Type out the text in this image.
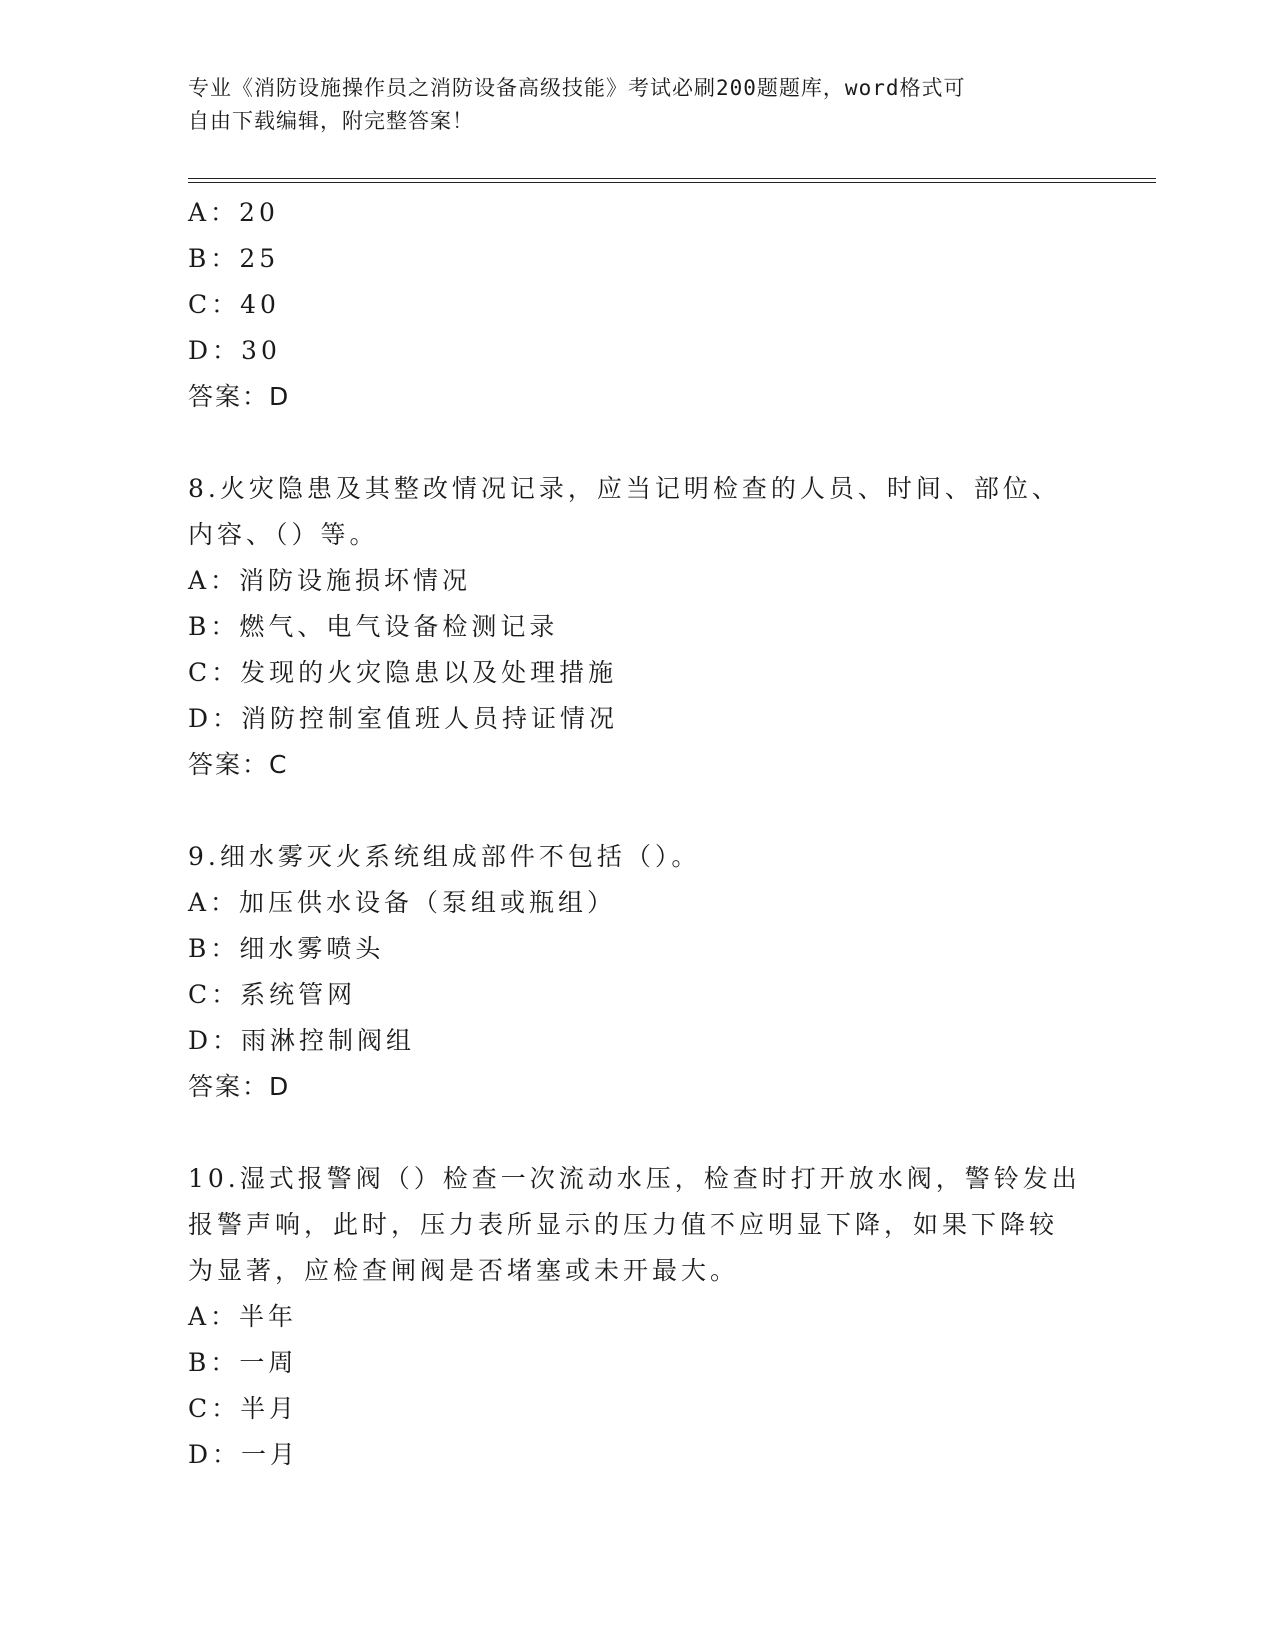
专业《消防设施操作员之消防设备高级技能》考试必刷200题题库，word格式可
自由下载编辑，附完整答案！
A：20
B：25
C：40
D：30
答案：D
8.火灾隐患及其整改情况记录，应当记明检查的人员、时间、部位、
内容、（）等。
A：消防设施损坏情况
B：燃气、电气设备检测记录
C：发现的火灾隐患以及处理措施
D：消防控制室值班人员持证情况
答案：C
9.细水雾灭火系统组成部件不包括（）。
A：加压供水设备（泵组或瓶组）
B：细水雾喷头
C：系统管网
D：雨淋控制阀组
答案：D
10.湿式报警阀（）检查一次流动水压，检查时打开放水阀，警铃发出
报警声响，此时，压力表所显示的压力值不应明显下降，如果下降较
为显著，应检查闸阀是否堵塞或未开最大。
A：半年
B：一周
C：半月
D：一月
